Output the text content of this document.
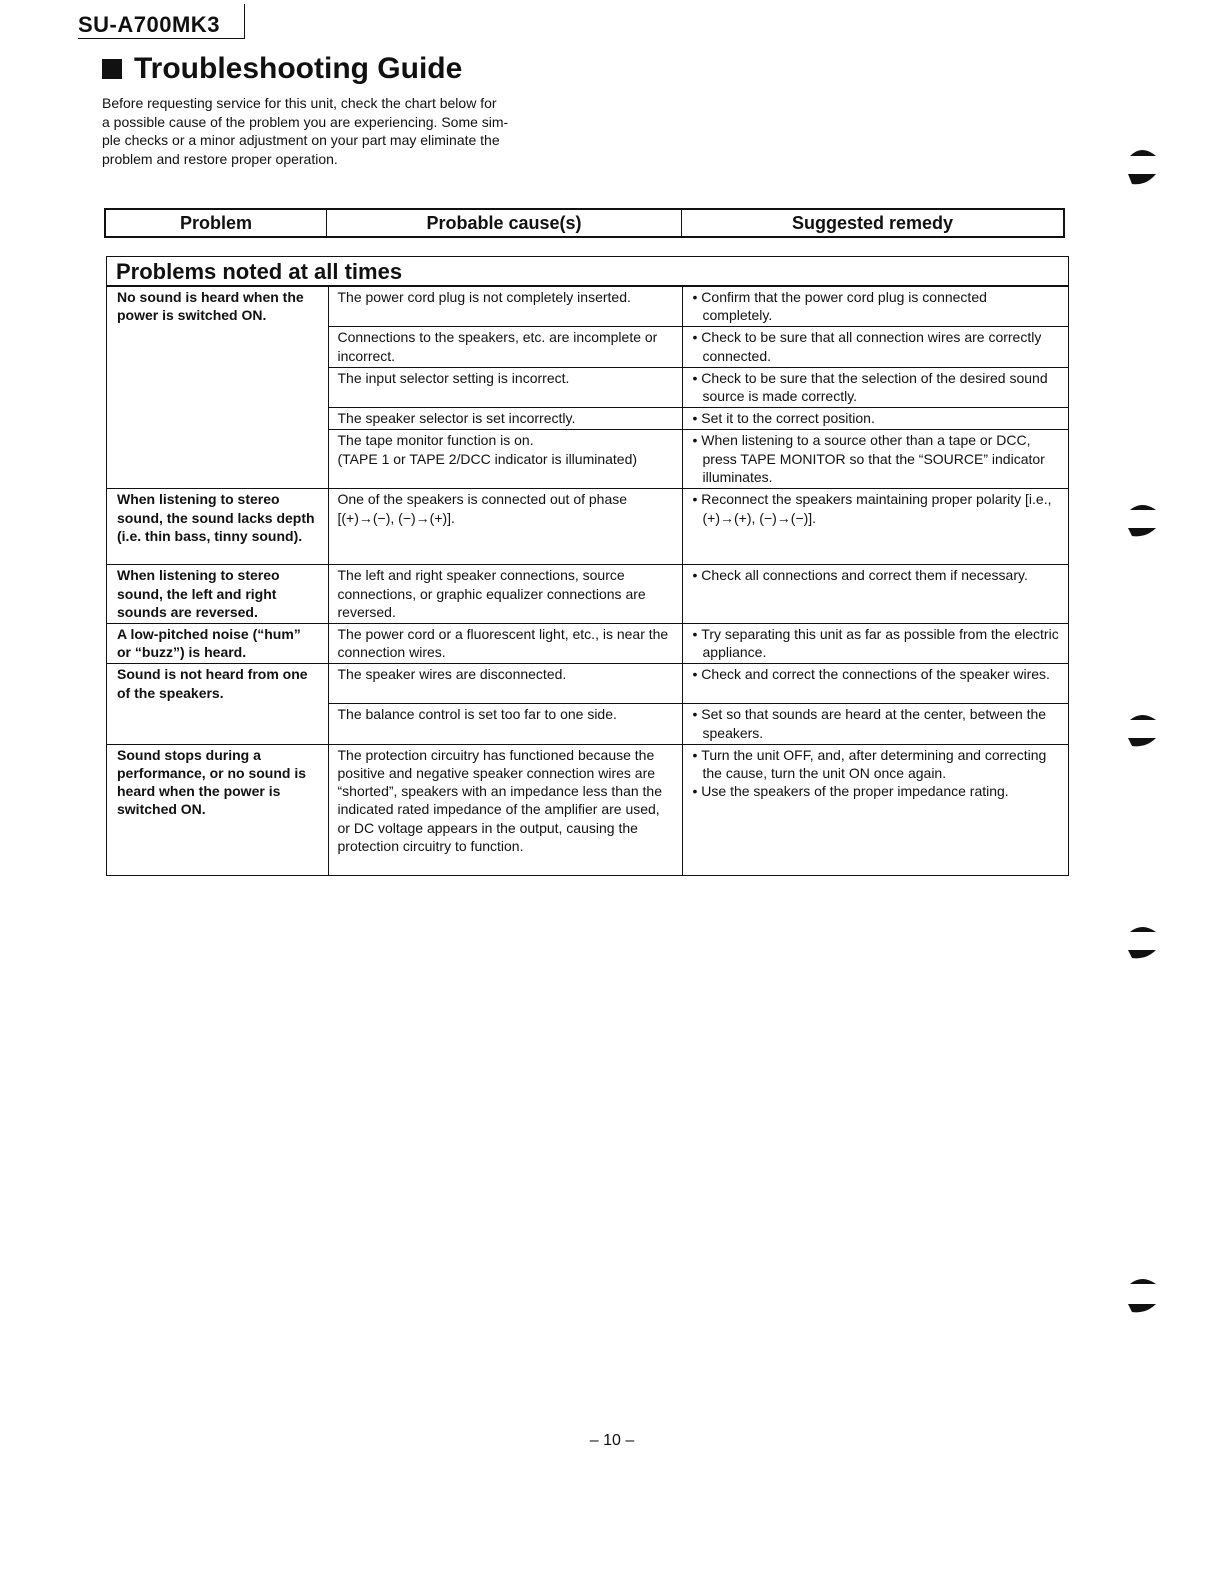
SU-A700MK3
Troubleshooting Guide
Before requesting service for this unit, check the chart below for
a possible cause of the problem you are experiencing. Some sim-
ple checks or a minor adjustment on your part may eliminate the
problem and restore proper operation.
Problem	Probable cause(s)	Suggested remedy
Problems noted at all times
No sound is heard when the power is switched ON.	The power cord plug is not completely inserted.	• Confirm that the power cord plug is connected completely.

	Connections to the speakers, etc. are incomplete or incorrect.	• Check to be sure that all connection wires are correctly connected.

	The input selector setting is incorrect.	• Check to be sure that the selection of the desired sound source is made correctly.

	The speaker selector is set incorrectly.	• Set it to the correct position.

	The tape monitor function is on.
(TAPE 1 or TAPE 2/DCC indicator is illuminated)	• When listening to a source other than a tape or DCC, press TAPE MONITOR so that the “SOURCE” indicator illuminates.

When listening to stereo sound, the sound lacks depth (i.e. thin bass, tinny sound).	One of the speakers is connected out of phase [(+)→(−), (−)→(+)].	• Reconnect the speakers maintaining proper polarity [i.e., (+)→(+), (−)→(−)].

When listening to stereo sound, the left and right sounds are reversed.	The left and right speaker connections, source connections, or graphic equalizer connections are reversed.	• Check all connections and correct them if necessary.

A low-pitched noise (“hum” or “buzz”) is heard.	The power cord or a fluorescent light, etc., is near the connection wires.	• Try separating this unit as far as possible from the electric appliance.

Sound is not heard from one of the speakers.	The speaker wires are disconnected.	• Check and correct the connections of the speaker wires.

	The balance control is set too far to one side.	• Set so that sounds are heard at the center, between the speakers.

Sound stops during a performance, or no sound is heard when the power is switched ON.	The protection circuitry has functioned because the positive and negative speaker connection wires are “shorted”, speakers with an impedance less than the indicated rated impedance of the amplifier are used, or DC voltage appears in the output, causing the protection circuitry to function.	• Turn the unit OFF, and, after determining and correcting the cause, turn the unit ON once again.
• Use the speakers of the proper impedance rating.
– 10 –
